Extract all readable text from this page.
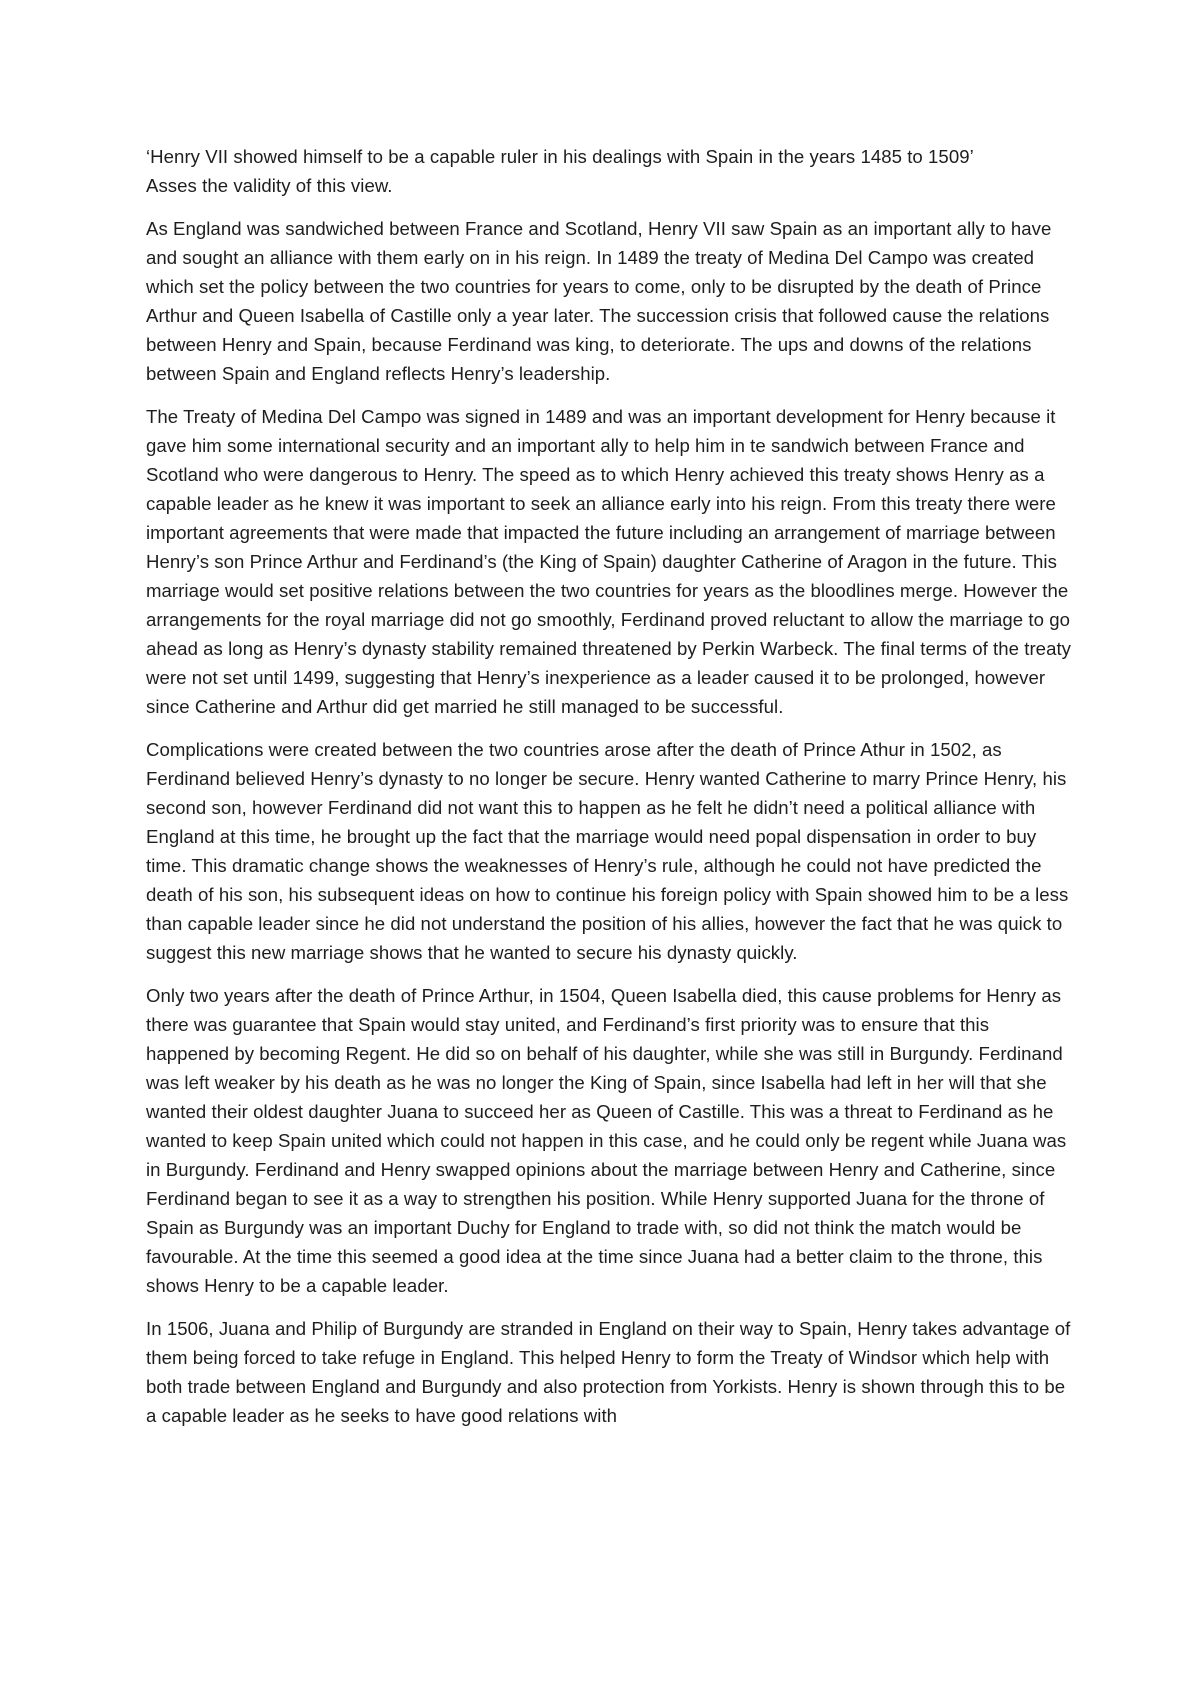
‘Henry VII showed himself to be a capable ruler in his dealings with Spain in the years 1485 to 1509’
Asses the validity of this view.

As England was sandwiched between France and Scotland, Henry VII saw Spain as an important ally to have and sought an alliance with them early on in his reign. In 1489 the treaty of Medina Del Campo was created which set the policy between the two countries for years to come, only to be disrupted by the death of Prince Arthur and Queen Isabella of Castille only a year later. The succession crisis that followed cause the relations between Henry and Spain, because Ferdinand was king, to deteriorate. The ups and downs of the relations between Spain and England reflects Henry’s leadership.

The Treaty of Medina Del Campo was signed in 1489 and was an important development for Henry because it gave him some international security and an important ally to help him in te sandwich between France and Scotland who were dangerous to Henry. The speed as to which Henry achieved this treaty shows Henry as a capable leader as he knew it was important to seek an alliance early into his reign. From this treaty there were important agreements that were made that impacted the future including an arrangement of marriage between Henry’s son Prince Arthur and Ferdinand’s (the King of Spain) daughter Catherine of Aragon in the future. This marriage would set positive relations between the two countries for years as the bloodlines merge. However the arrangements for the royal marriage did not go smoothly, Ferdinand proved reluctant to allow the marriage to go ahead as long as Henry’s dynasty stability remained threatened by Perkin Warbeck. The final terms of the treaty were not set until 1499, suggesting that Henry’s inexperience as a leader caused it to be prolonged, however since Catherine and Arthur did get married he still managed to be successful.

Complications were created between the two countries arose after the death of Prince Athur in 1502, as Ferdinand believed Henry’s dynasty to no longer be secure. Henry wanted Catherine to marry Prince Henry, his second son, however Ferdinand did not want this to happen as he felt he didn’t need a political alliance with England at this time, he brought up the fact that the marriage would need popal dispensation in order to buy time. This dramatic change shows the weaknesses of Henry’s rule, although he could not have predicted the death of his son, his subsequent ideas on how to continue his foreign policy with Spain showed him to be a less than capable leader since he did not understand the position of his allies, however the fact that he was quick to suggest this new marriage shows that he wanted to secure his dynasty quickly.

Only two years after the death of Prince Arthur, in 1504, Queen Isabella died, this cause problems for Henry as there was guarantee that Spain would stay united, and Ferdinand’s first priority was to ensure that this happened by becoming Regent. He did so on behalf of his daughter, while she was still in Burgundy. Ferdinand was left weaker by his death as he was no longer the King of Spain, since Isabella had left in her will that she wanted their oldest daughter Juana to succeed her as Queen of Castille. This was a threat to Ferdinand as he wanted to keep Spain united which could not happen in this case, and he could only be regent while Juana was in Burgundy. Ferdinand and Henry swapped opinions about the marriage between Henry and Catherine, since Ferdinand began to see it as a way to strengthen his position. While Henry supported Juana for the throne of Spain as Burgundy was an important Duchy for England to trade with, so did not think the match would be favourable. At the time this seemed a good idea at the time since Juana had a better claim to the throne, this shows Henry to be a capable leader.

In 1506, Juana and Philip of Burgundy are stranded in England on their way to Spain, Henry takes advantage of them being forced to take refuge in England. This helped Henry to form the Treaty of Windsor which help with both trade between England and Burgundy and also protection from Yorkists. Henry is shown through this to be a capable leader as he seeks to have good relations with
